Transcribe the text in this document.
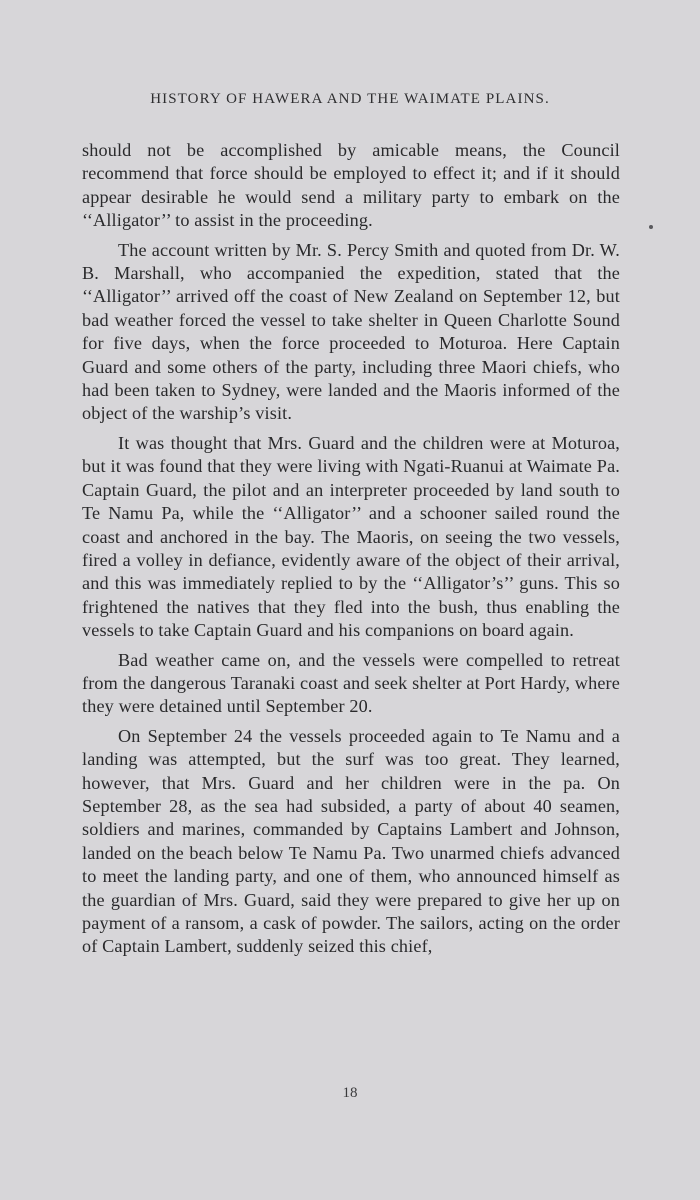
HISTORY OF HAWERA AND THE WAIMATE PLAINS.

should not be accomplished by amicable means, the Council recommend that force should be employed to effect it; and if it should appear desirable he would send a military party to embark on the ‘‘Alligator’’ to assist in the proceeding.

The account written by Mr. S. Percy Smith and quoted from Dr. W. B. Marshall, who accompanied the expedition, stated that the ‘‘Alligator’’ arrived off the coast of New Zealand on September 12, but bad weather forced the vessel to take shelter in Queen Charlotte Sound for five days, when the force proceeded to Moturoa. Here Captain Guard and some others of the party, including three Maori chiefs, who had been taken to Sydney, were landed and the Maoris informed of the object of the warship’s visit.

It was thought that Mrs. Guard and the children were at Moturoa, but it was found that they were living with Ngati-Ruanui at Waimate Pa. Captain Guard, the pilot and an interpreter proceeded by land south to Te Namu Pa, while the ‘‘Alligator’’ and a schooner sailed round the coast and anchored in the bay. The Maoris, on seeing the two vessels, fired a volley in defiance, evidently aware of the object of their arrival, and this was immediately replied to by the ‘‘Alligator’s’’ guns. This so frightened the natives that they fled into the bush, thus enabling the vessels to take Captain Guard and his companions on board again.

Bad weather came on, and the vessels were compelled to retreat from the dangerous Taranaki coast and seek shelter at Port Hardy, where they were detained until September 20.

On September 24 the vessels proceeded again to Te Namu and a landing was attempted, but the surf was too great. They learned, however, that Mrs. Guard and her children were in the pa. On September 28, as the sea had subsided, a party of about 40 seamen, soldiers and marines, commanded by Captains Lambert and Johnson, landed on the beach below Te Namu Pa. Two unarmed chiefs advanced to meet the landing party, and one of them, who announced himself as the guardian of Mrs. Guard, said they were prepared to give her up on payment of a ransom, a cask of powder. The sailors, acting on the order of Captain Lambert, suddenly seized this chief,

18
